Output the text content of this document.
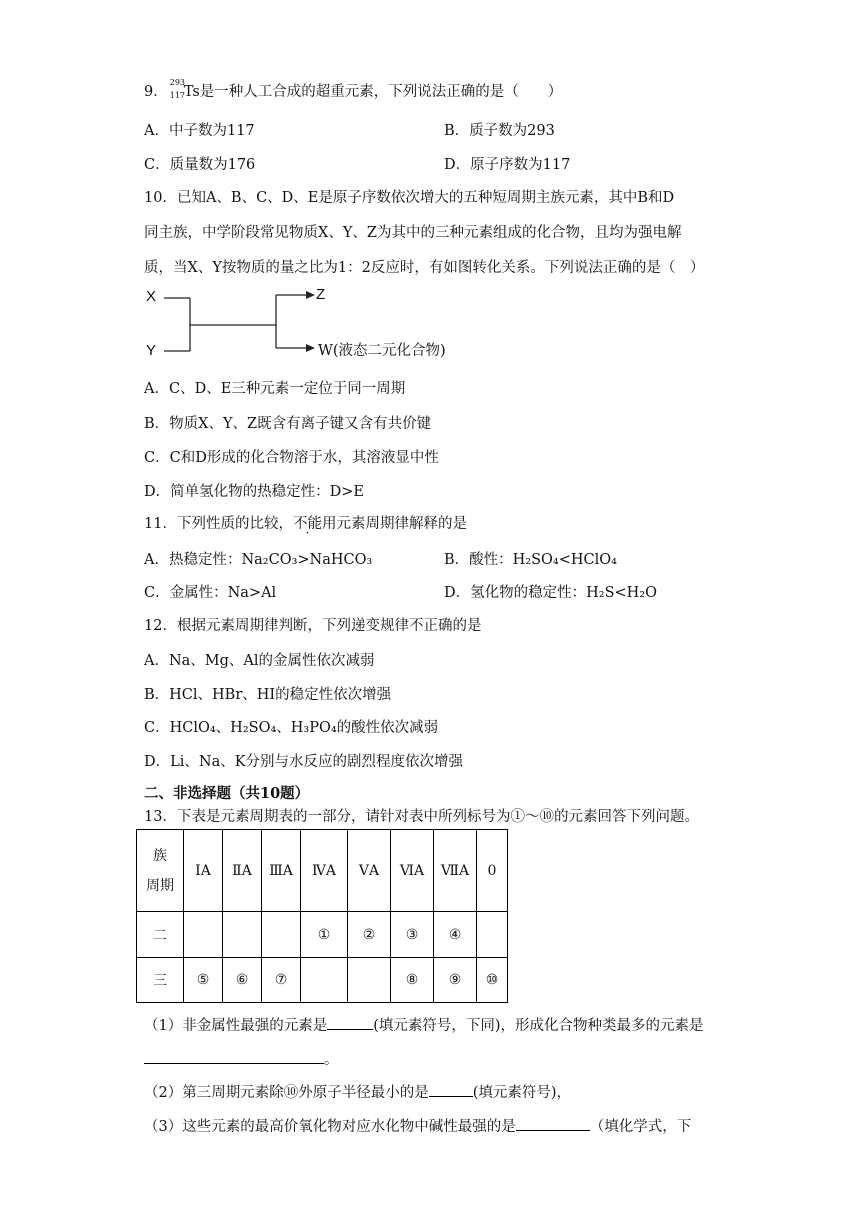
9．
293
117
Ts是一种人工合成的超重元素，下列说法正确的是（　　）
A．中子数为117	B．质子数为293
C．质量数为176	D．原子序数为117
10．已知A、B、C、D、E是原子序数依次增大的五种短周期主族元素，其中B和D
同主族，中学阶段常见物质X、Y、Z为其中的三种元素组成的化合物，且均为强电解
质，当X、Y按物质的量之比为1：2反应时，有如图转化关系。下列说法正确的是（　）
X
Y
Z
W(液态二元化合物)
A．C、D、E三种元素一定位于同一周期
B．物质X、Y、Z既含有离子键又含有共价键
C．C和D形成的化合物溶于水，其溶液显中性
D．简单氢化物的热稳定性：D>E
11．下列性质的比较，不能用元素周期律解释的是
A．热稳定性：Na₂CO₃>NaHCO₃	B．酸性：H₂SO₄<HClO₄
C．金属性：Na>Al	D．氢化物的稳定性：H₂S<H₂O
12．根据元素周期律判断，下列递变规律不正确的是
A．Na、Mg、Al的金属性依次减弱
B．HCl、HBr、HI的稳定性依次增强
C．HClO₄、H₂SO₄、H₃PO₄的酸性依次减弱
D．Li、Na、K分别与水反应的剧烈程度依次增强
二、非选择题（共10题）
13．下表是元素周期表的一部分，请针对表中所列标号为①～⑩的元素回答下列问题。
族
周期	IA	ⅡA	ⅢA	ⅣA	ⅤA	ⅥA	ⅦA	0
二				①	②	③	④	
三	⑤	⑥	⑦			⑧	⑨	⑩
（1）非金属性最强的元素是	(填元素符号，下同)，形成化合物种类最多的元素是
。
（2）第三周期元素除⑩外原子半径最小的是	(填元素符号)，
（3）这些元素的最高价氧化物对应水化物中碱性最强的是	（填化学式，下
